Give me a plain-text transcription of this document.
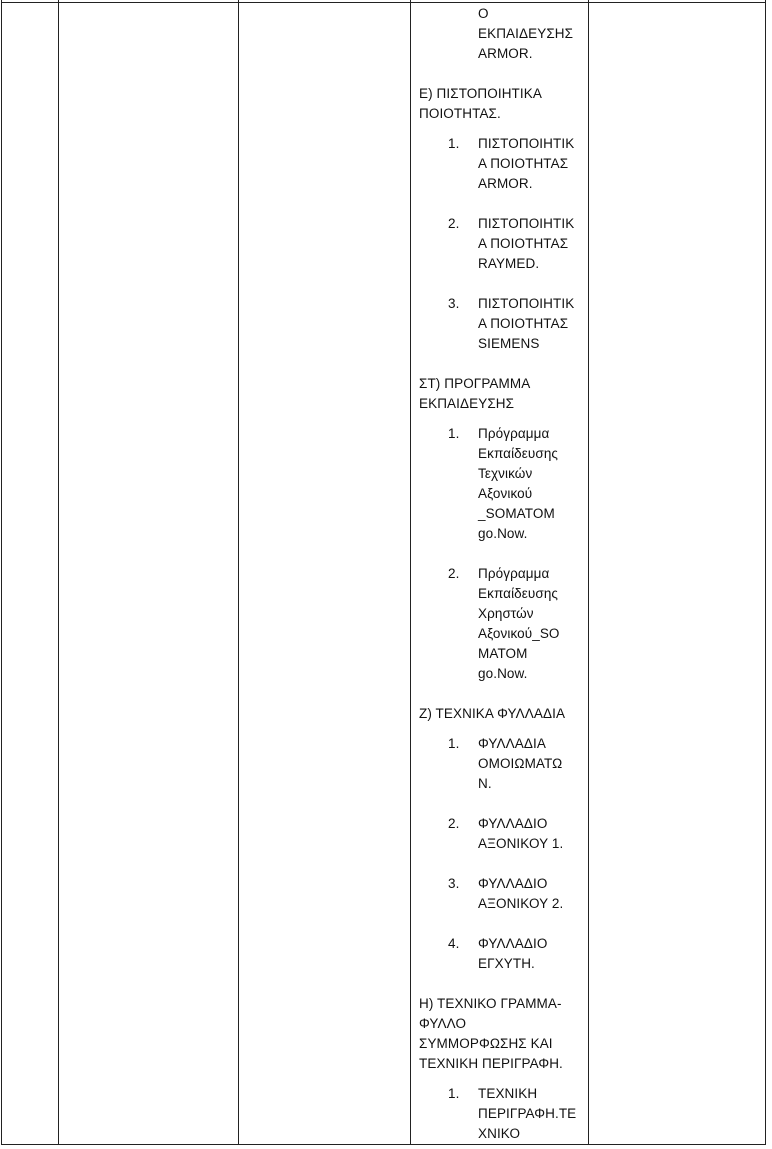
Ο
ΕΚΠΑΙΔΕΥΣΗΣ
ARMOR.
Ε) ΠΙΣΤΟΠΟΙΗΤΙΚΑ
ΠΟΙΟΤΗΤΑΣ.
1. ΠΙΣΤΟΠΟΙΗΤΙΚ
Α ΠΟΙΟΤΗΤΑΣ
ARMOR.
2. ΠΙΣΤΟΠΟΙΗΤΙΚ
Α ΠΟΙΟΤΗΤΑΣ
RAYMED.
3. ΠΙΣΤΟΠΟΙΗΤΙΚ
Α ΠΟΙΟΤΗΤΑΣ
SIEMENS
ΣΤ) ΠΡΟΓΡΑΜΜΑ
ΕΚΠΑΙΔΕΥΣΗΣ
1. Πρόγραμμα
Εκπαίδευσης
Τεχνικών
Αξονικού
_SOMATOM
go.Now.
2. Πρόγραμμα
Εκπαίδευσης
Χρηστών
Αξονικού_SO
MATOM
go.Now.
Ζ) ΤΕΧΝΙΚΑ ΦΥΛΛΑΔΙΑ
1. ΦΥΛΛΑΔΙΑ
ΟΜΟΙΩΜΑΤΩ
Ν.
2. ΦΥΛΛΑΔΙΟ
ΑΞΟΝΙΚΟΥ 1.
3. ΦΥΛΛΑΔΙΟ
ΑΞΟΝΙΚΟΥ 2.
4. ΦΥΛΛΑΔΙΟ
ΕΓΧΥΤΗ.
Η) ΤΕΧΝΙΚΟ ΓΡΑΜΜΑ-
ΦΥΛΛΟ
ΣΥΜΜΟΡΦΩΣΗΣ ΚΑΙ
ΤΕΧΝΙΚΗ ΠΕΡΙΓΡΑΦΗ.
1. ΤΕΧΝΙΚΗ
ΠΕΡΙΓΡΑΦΗ.ΤΕ
ΧΝΙΚΟ
